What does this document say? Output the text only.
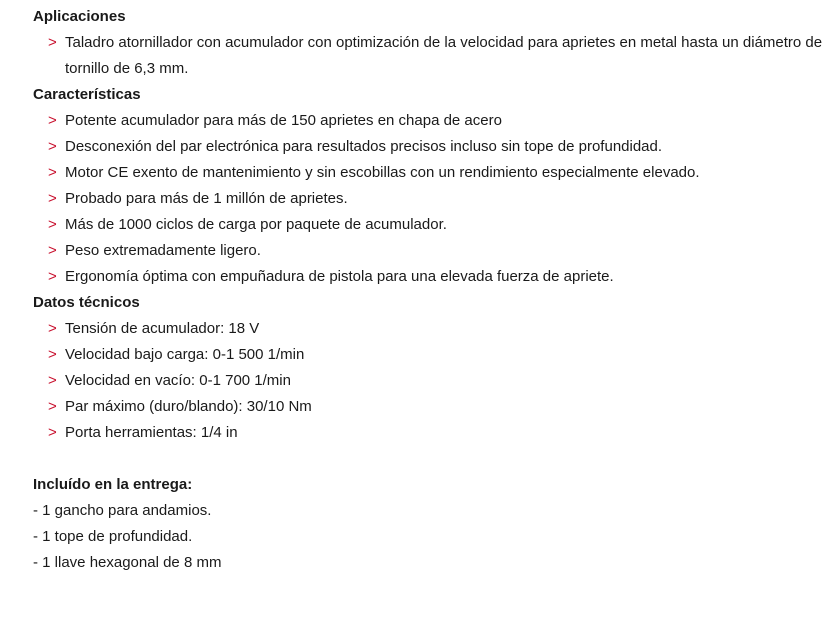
Aplicaciones
> Taladro atornillador con acumulador con optimización de la velocidad para aprietes en metal hasta un diámetro de tornillo de 6,3 mm.
Características
> Potente acumulador para más de 150 aprietes en chapa de acero
> Desconexión del par electrónica para resultados precisos incluso sin tope de profundidad.
> Motor CE exento de mantenimiento y sin escobillas con un rendimiento especialmente elevado.
> Probado para más de 1 millón de aprietes.
> Más de 1000 ciclos de carga por paquete de acumulador.
> Peso extremadamente ligero.
> Ergonomía óptima con empuñadura de pistola para una elevada fuerza de apriete.
Datos técnicos
> Tensión de acumulador: 18 V
> Velocidad bajo carga: 0-1 500 1/min
> Velocidad en vacío: 0-1 700 1/min
> Par máximo (duro/blando): 30/10 Nm
> Porta herramientas: 1/4 in
Incluído en la entrega:
- 1 gancho para andamios.
- 1 tope de profundidad.
- 1 llave hexagonal de 8 mm
